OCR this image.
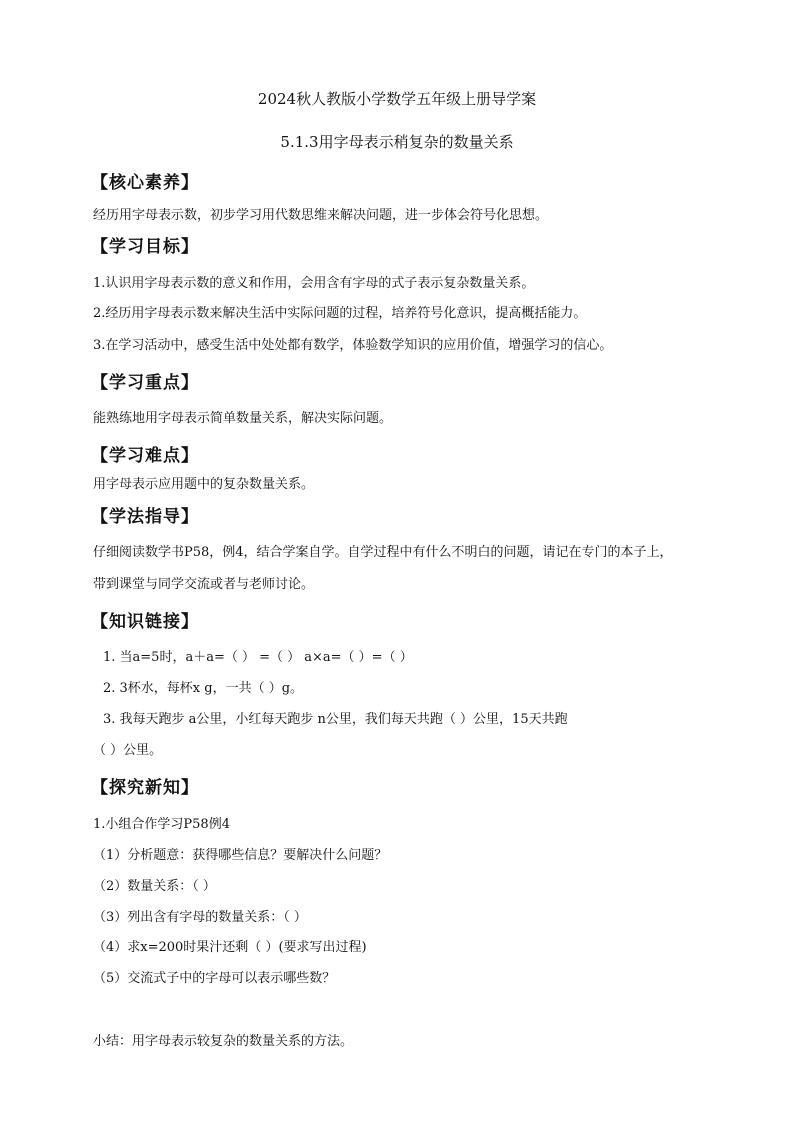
2024秋人教版小学数学五年级上册导学案
5.1.3用字母表示稍复杂的数量关系
【核心素养】
经历用字母表示数，初步学习用代数思维来解决问题，进一步体会符号化思想。
【学习目标】
1.认识用字母表示数的意义和作用，会用含有字母的式子表示复杂数量关系。
2.经历用字母表示数来解决生活中实际问题的过程，培养符号化意识，提高概括能力。
3.在学习活动中，感受生活中处处都有数学，体验数学知识的应用价值，增强学习的信心。
【学习重点】
能熟练地用字母表示简单数量关系，解决实际问题。
【学习难点】
用字母表示应用题中的复杂数量关系。
【学法指导】
仔细阅读数学书P58，例4，结合学案自学。自学过程中有什么不明白的问题，请记在专门的本子上，
带到课堂与同学交流或者与老师讨论。
【知识链接】
1. 当a=5时，a＋a=（ ） =（ ） a×a=（ ）=（ ）
2. 3杯水，每杯x g，一共（ ）g。
3. 我每天跑步 a公里，小红每天跑步 n公里，我们每天共跑（ ）公里，15天共跑
（ ）公里。
【探究新知】
1.小组合作学习P58例4
（1）分析题意：获得哪些信息？要解决什么问题？
（2）数量关系：（ ）
（3）列出含有字母的数量关系：（ ）
（4）求x=200时果汁还剩（ ）(要求写出过程)
（5）交流式子中的字母可以表示哪些数？
小结：用字母表示较复杂的数量关系的方法。
